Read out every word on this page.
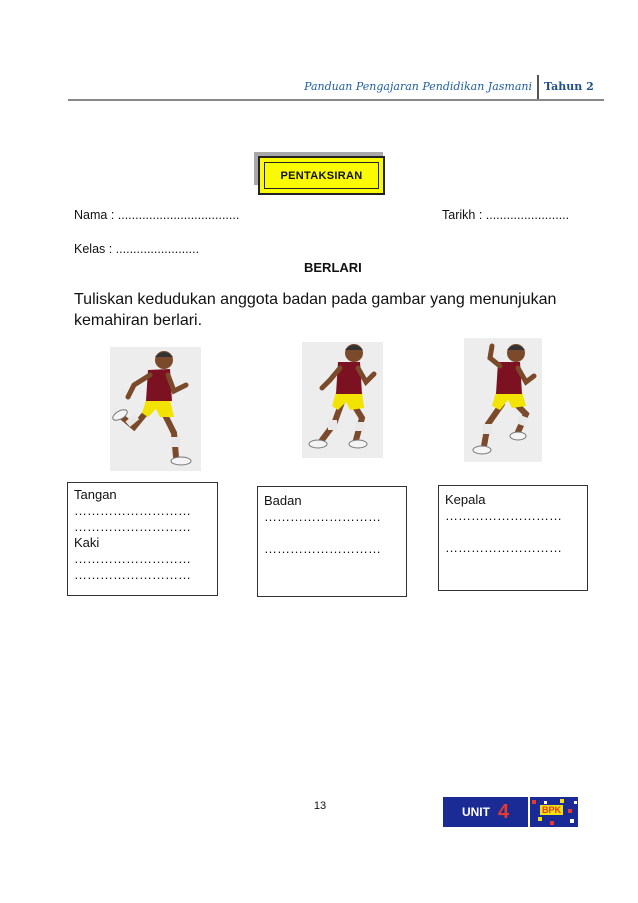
Panduan Pengajaran Pendidikan Jasmani Tahun 2
PENTAKSIRAN
Nama : ...................................	Tarikh : ........................
Kelas : ........................
BERLARI
Tuliskan kedudukan anggota badan pada gambar yang menunjukan
kemahiran berlari.
Tangan
………………………
………………………
Kaki
………………………
………………………
Badan
………………………
………………………
Kepala
………………………
………………………
13	UNIT 4	BPK
